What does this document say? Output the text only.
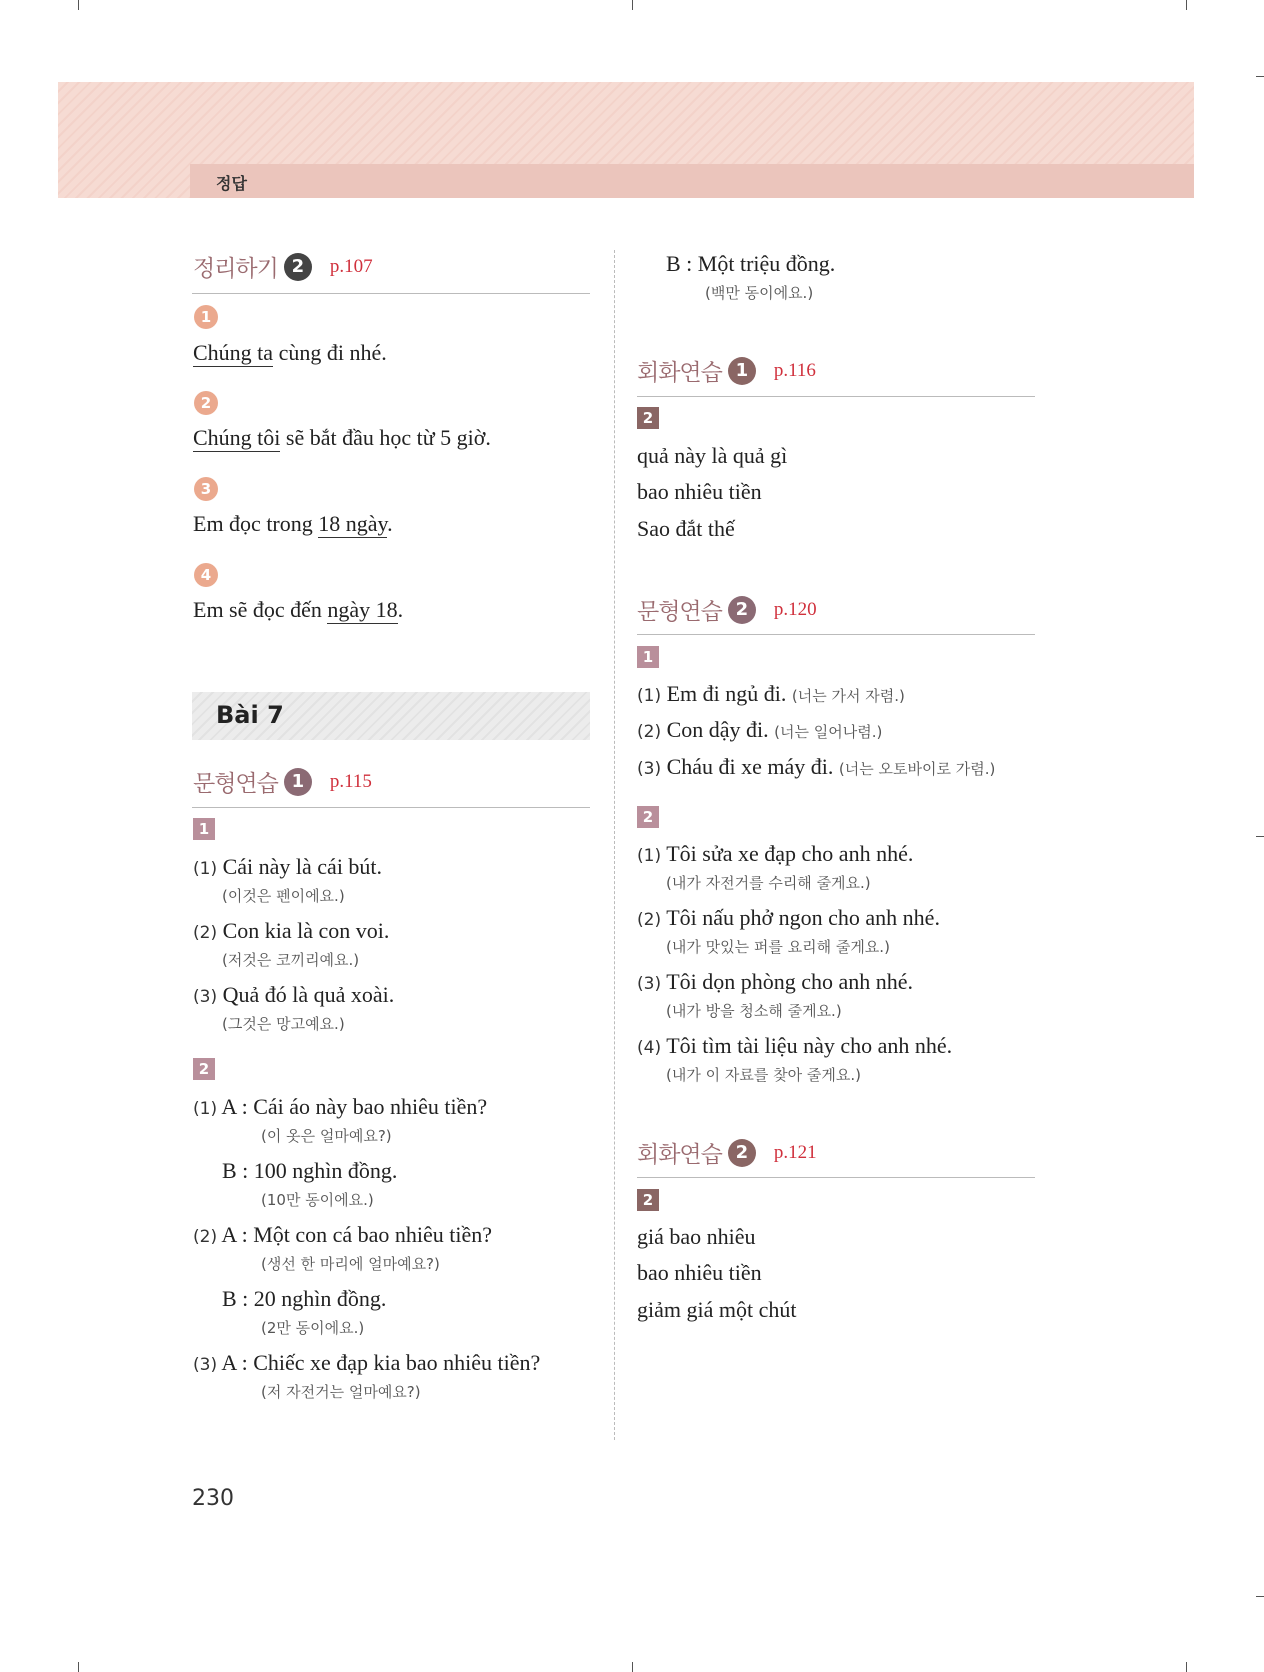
정답
정리하기 2	p.107
1
Chúng ta cùng đi nhé.
2
Chúng tôi sẽ bắt đầu học từ 5 giờ.
3
Em đọc trong 18 ngày.
4
Em sẽ đọc đến ngày 18.
Bài 7
문형연습 1	p.115
1
(1) Cái này là cái bút.
(이것은 펜이에요.)
(2) Con kia là con voi.
(저것은 코끼리예요.)
(3) Quả đó là quả xoài.
(그것은 망고예요.)
2
(1) A : Cái áo này bao nhiêu tiền?
(이 옷은 얼마예요?)
B : 100 nghìn đồng.
(10만 동이에요.)
(2) A : Một con cá bao nhiêu tiền?
(생선 한 마리에 얼마예요?)
B : 20 nghìn đồng.
(2만 동이에요.)
(3) A : Chiếc xe đạp kia bao nhiêu tiền?
(저 자전거는 얼마예요?)
230
B : Một triệu đồng.
(백만 동이에요.)
회화연습 1	p.116
2
quả này là quả gì
bao nhiêu tiền
Sao đắt thế
문형연습 2	p.120
1
(1) Em đi ngủ đi. (너는 가서 자렴.)
(2) Con dậy đi. (너는 일어나렴.)
(3) Cháu đi xe máy đi. (너는 오토바이로 가렴.)
2
(1) Tôi sửa xe đạp cho anh nhé.
(내가 자전거를 수리해 줄게요.)
(2) Tôi nấu phở ngon cho anh nhé.
(내가 맛있는 퍼를 요리해 줄게요.)
(3) Tôi dọn phòng cho anh nhé.
(내가 방을 청소해 줄게요.)
(4) Tôi tìm tài liệu này cho anh nhé.
(내가 이 자료를 찾아 줄게요.)
회화연습 2	p.121
2
giá bao nhiêu
bao nhiêu tiền
giảm giá một chút
